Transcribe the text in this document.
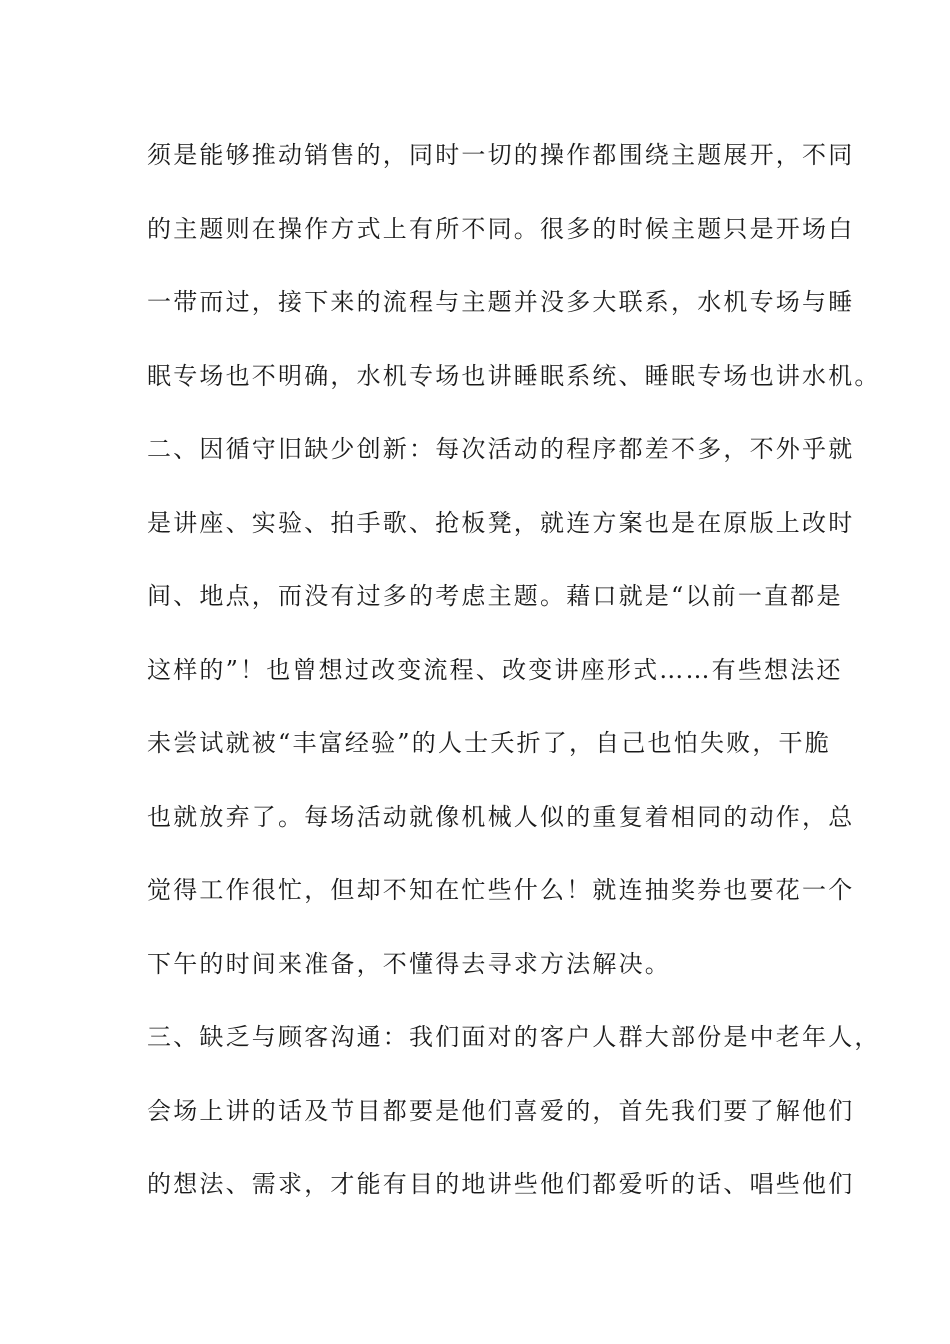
须是能够推动销售的，同时一切的操作都围绕主题展开，不同
的主题则在操作方式上有所不同。很多的时候主题只是开场白
一带而过，接下来的流程与主题并没多大联系，水机专场与睡
眠专场也不明确，水机专场也讲睡眠系统、睡眠专场也讲水机。
二、因循守旧缺少创新：每次活动的程序都差不多，不外乎就
是讲座、实验、拍手歌、抢板凳，就连方案也是在原版上改时
间、地点，而没有过多的考虑主题。藉口就是“以前一直都是
这样的”！也曾想过改变流程、改变讲座形式……有些想法还
未尝试就被“丰富经验”的人士夭折了，自己也怕失败，干脆
也就放弃了。每场活动就像机械人似的重复着相同的动作，总
觉得工作很忙，但却不知在忙些什么！就连抽奖券也要花一个
下午的时间来准备，不懂得去寻求方法解决。
三、缺乏与顾客沟通：我们面对的客户人群大部份是中老年人，
会场上讲的话及节目都要是他们喜爱的，首先我们要了解他们
的想法、需求，才能有目的地讲些他们都爱听的话、唱些他们
